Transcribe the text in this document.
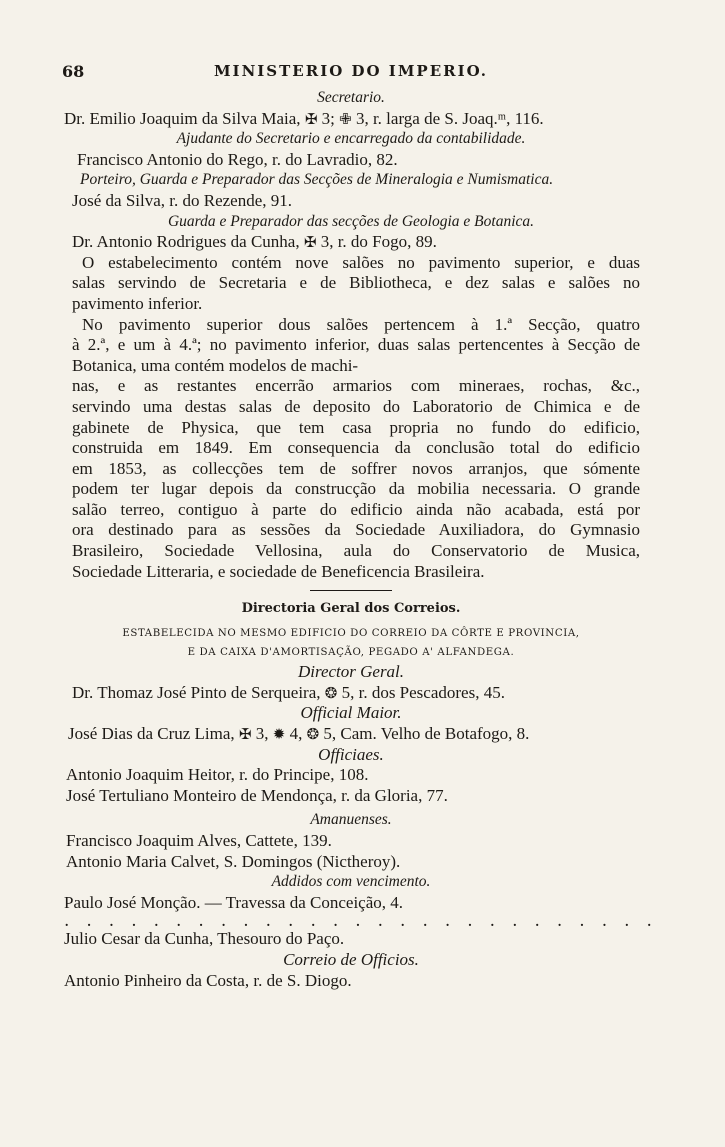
68	MINISTERIO DO IMPERIO.
Secretario.
Dr. Emilio Joaquim da Silva Maia, ✠ 3; ✙ 3, r. larga de S. Joaq.ᵐ, 116.
Ajudante do Secretario e encarregado da contabilidade.
Francisco Antonio do Rego, r. do Lavradio, 82.
Porteiro, Guarda e Preparador das Secções de Mineralogia e Numismatica.
José da Silva, r. do Rezende, 91.
Guarda e Preparador das secções de Geologia e Botanica.
Dr. Antonio Rodrigues da Cunha, ✠ 3, r. do Fogo, 89.
O estabelecimento contém nove salões no pavimento superior, e duas
salas servindo de Secretaria e de Bibliotheca, e dez salas e salões no
pavimento inferior.
No pavimento superior dous salões pertencem à 1.ª Secção, quatro
à 2.ª, e um à 4.ª; no pavimento inferior, duas salas pertencentes à Secção de Botanica, uma contém modelos de machi-
nas, e as restantes encerrão armarios com mineraes, rochas, &c.,
servindo uma destas salas de deposito do Laboratorio de Chimica e de
gabinete de Physica, que tem casa propria no fundo do edificio,
construida em 1849. Em consequencia da conclusão total do edificio
em 1853, as collecções tem de soffrer novos arranjos, que sómente
podem ter lugar depois da construcção da mobilia necessaria. O grande
salão terreo, contiguo à parte do edificio ainda não acabada, está por
ora destinado para as sessões da Sociedade Auxiliadora, do Gymnasio
Brasileiro, Sociedade Vellosina, aula do Conservatorio de Musica,
Sociedade Litteraria, e sociedade de Beneficencia Brasileira.
Directoria Geral dos Correios.
ESTABELECIDA NO MESMO EDIFICIO DO CORREIO DA CÔRTE E PROVINCIA,
E DA CAIXA D'AMORTISAÇÃO, PEGADO A' ALFANDEGA.
Director Geral.
Dr. Thomaz José Pinto de Serqueira, ❂ 5, r. dos Pescadores, 45.
Official Maior.
José Dias da Cruz Lima, ✠ 3, ✹ 4, ❂ 5, Cam. Velho de Botafogo, 8.
Officiaes.
Antonio Joaquim Heitor, r. do Principe, 108.
José Tertuliano Monteiro de Mendonça, r. da Gloria, 77.
Amanuenses.
Francisco Joaquim Alves, Cattete, 139.
Antonio Maria Calvet, S. Domingos (Nictheroy).
Addidos com vencimento.
Paulo José Monção. — Travessa da Conceição, 4.
...........................
Julio Cesar da Cunha, Thesouro do Paço.
Correio de Officios.
Antonio Pinheiro da Costa, r. de S. Diogo.
